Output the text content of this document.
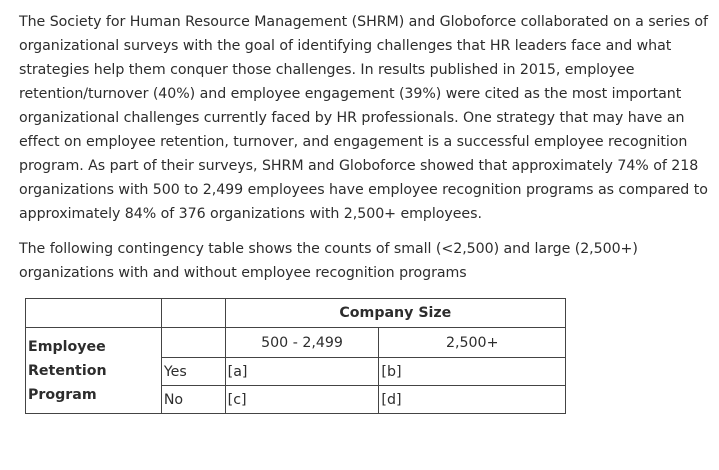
The Society for Human Resource Management (SHRM) and Globoforce collaborated on a series of organizational surveys with the goal of identifying challenges that HR leaders face and what strategies help them conquer those challenges. In results published in 2015, employee retention/turnover (40%) and employee engagement (39%) were cited as the most important organizational challenges currently faced by HR professionals. One strategy that may have an effect on employee retention, turnover, and engagement is a successful employee recognition program. As part of their surveys, SHRM and Globoforce showed that approximately 74% of 218 organizations with 500 to 2,499 employees have employee recognition programs as compared to approximately 84% of 376 organizations with 2,500+ employees.

The following contingency table shows the counts of small (<2,500) and large (2,500+) organizations with and without employee recognition programs

		Company Size	
Employee
Retention
Program		500 - 2,499	2,500+
	Yes	[a]	[b]
	No	[c]	[d]
